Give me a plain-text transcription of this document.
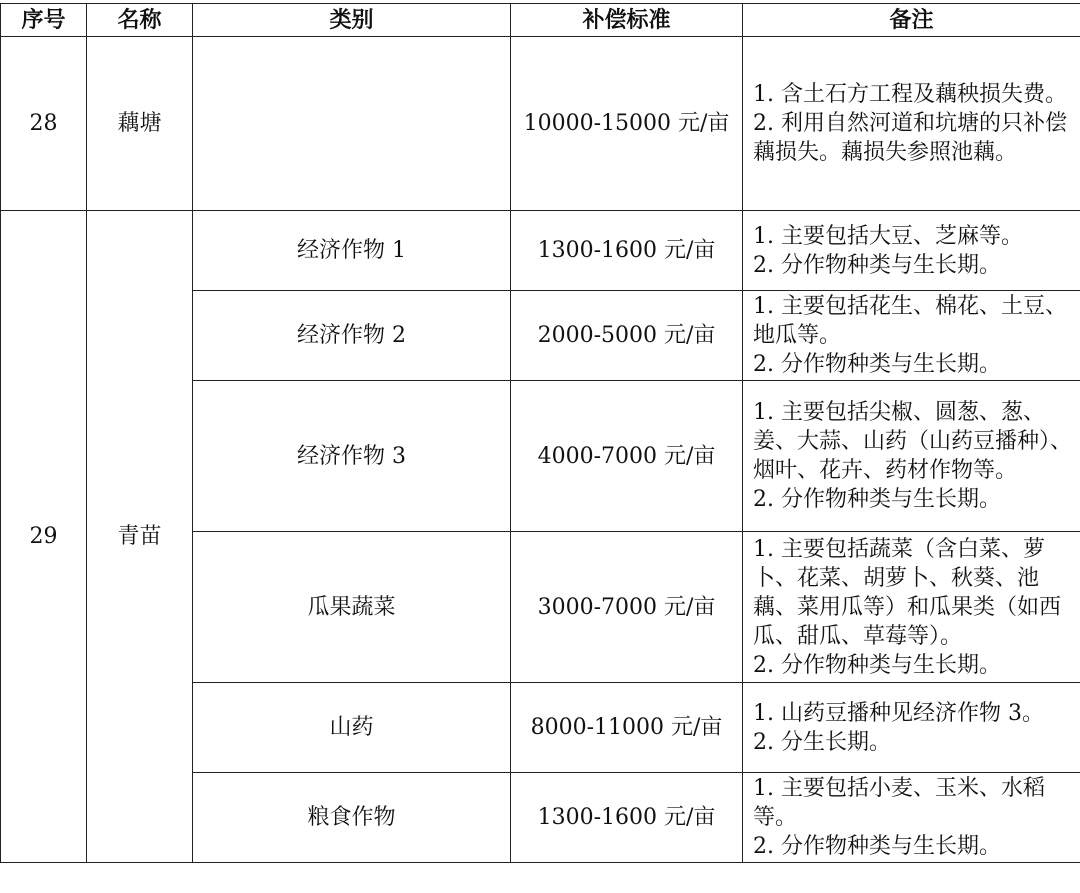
序号	名称	类别	补偿标准	备注
28	藕塘		10000-15000 元/亩	1. 含土石方工程及藕秧损失费。
2. 利用自然河道和坑塘的只补偿藕损失。藕损失参照池藕。

29	青苗	经济作物 1	1300-1600 元/亩	1. 主要包括大豆、芝麻等。
2. 分作物种类与生长期。

		经济作物 2	2000-5000 元/亩	1. 主要包括花生、棉花、土豆、地瓜等。
2. 分作物种类与生长期。

		经济作物 3	4000-7000 元/亩	1. 主要包括尖椒、圆葱、葱、姜、大蒜、山药（山药豆播种）、烟叶、花卉、药材作物等。
2. 分作物种类与生长期。

		瓜果蔬菜	3000-7000 元/亩	1. 主要包括蔬菜（含白菜、萝卜、花菜、胡萝卜、秋葵、池藕、菜用瓜等）和瓜果类（如西瓜、甜瓜、草莓等）。
2. 分作物种类与生长期。

		山药	8000-11000 元/亩	1. 山药豆播种见经济作物 3。
2. 分生长期。

		粮食作物	1300-1600 元/亩	1. 主要包括小麦、玉米、水稻等。
2. 分作物种类与生长期。
